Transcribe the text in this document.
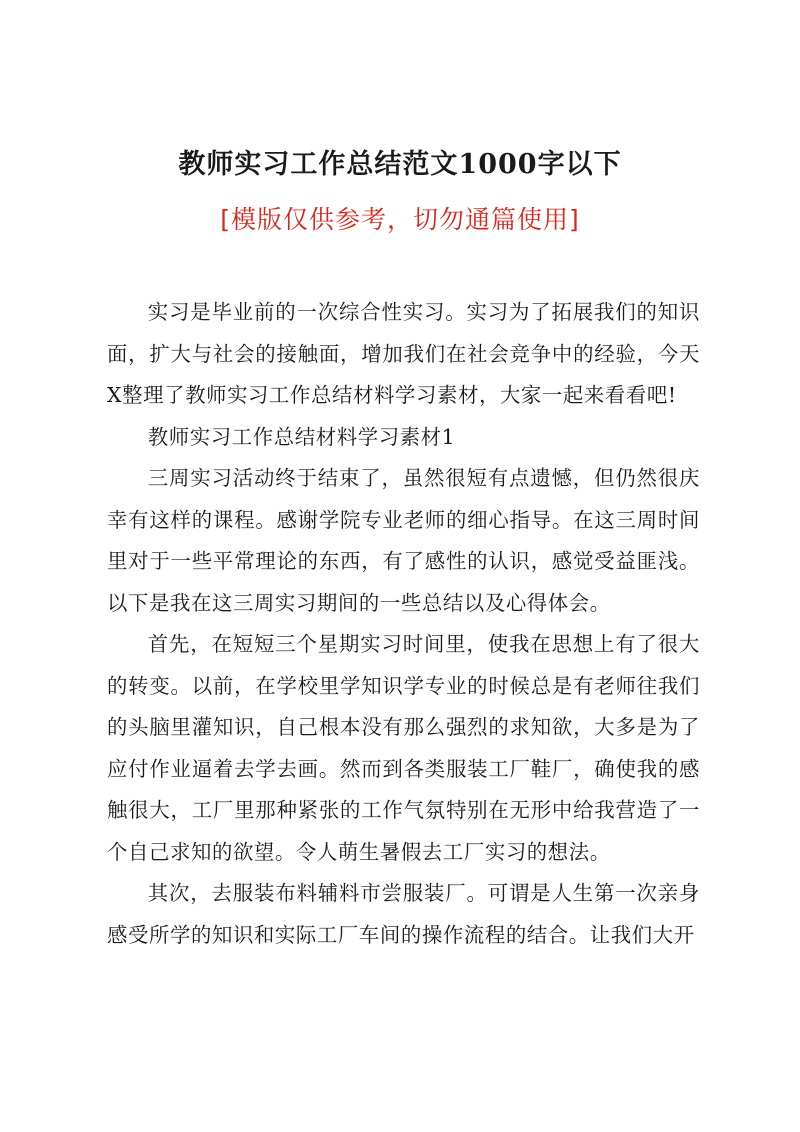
教师实习工作总结范文1000字以下
[模版仅供参考，切勿通篇使用]

实习是毕业前的一次综合性实习。实习为了拓展我们的知识面，扩大与社会的接触面，增加我们在社会竞争中的经验，今天X整理了教师实习工作总结材料学习素材，大家一起来看看吧!

教师实习工作总结材料学习素材1

三周实习活动终于结束了，虽然很短有点遗憾，但仍然很庆幸有这样的课程。感谢学院专业老师的细心指导。在这三周时间里对于一些平常理论的东西，有了感性的认识，感觉受益匪浅。以下是我在这三周实习期间的一些总结以及心得体会。

首先，在短短三个星期实习时间里，使我在思想上有了很大的转变。以前，在学校里学知识学专业的时候总是有老师往我们的头脑里灌知识，自己根本没有那么强烈的求知欲，大多是为了应付作业逼着去学去画。然而到各类服装工厂鞋厂，确使我的感触很大，工厂里那种紧张的工作气氛特别在无形中给我营造了一个自己求知的欲望。令人萌生暑假去工厂实习的想法。

其次，去服装布料辅料市尝服装厂。可谓是人生第一次亲身感受所学的知识和实际工厂车间的操作流程的结合。让我们大开
